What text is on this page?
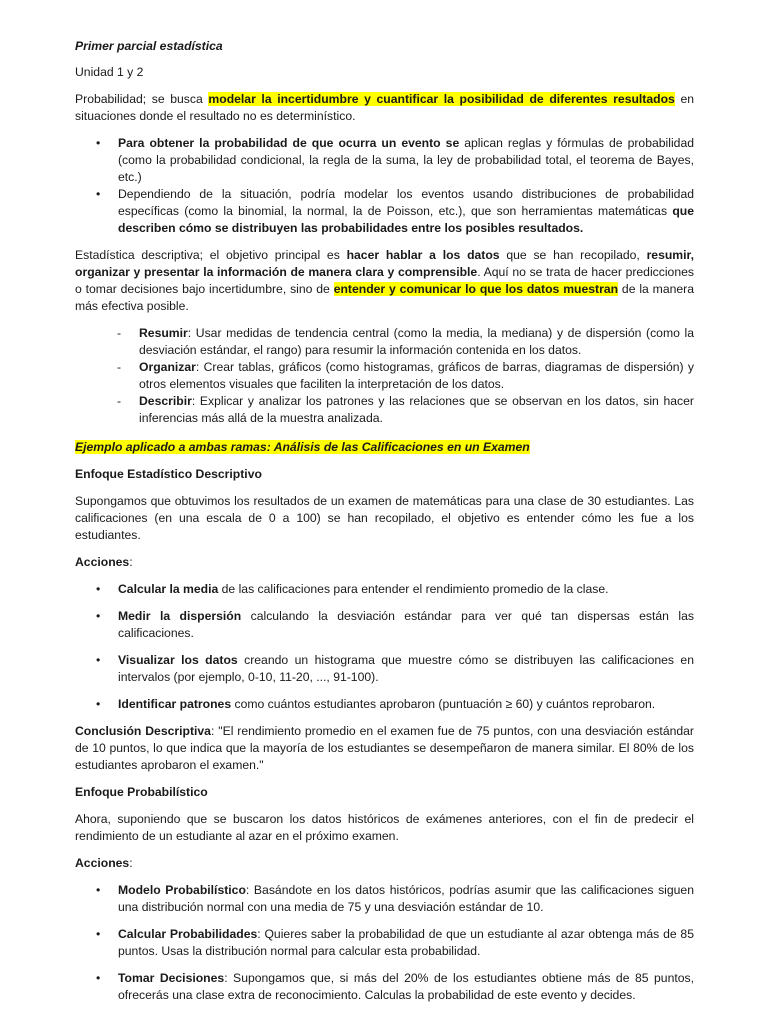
Primer parcial estadística

Unidad 1 y 2

Probabilidad; se busca modelar la incertidumbre y cuantificar la posibilidad de diferentes resultados en situaciones donde el resultado no es determinístico.

• Para obtener la probabilidad de que ocurra un evento se aplican reglas y fórmulas de probabilidad (como la probabilidad condicional, la regla de la suma, la ley de probabilidad total, el teorema de Bayes, etc.)
• Dependiendo de la situación, podría modelar los eventos usando distribuciones de probabilidad específicas (como la binomial, la normal, la de Poisson, etc.), que son herramientas matemáticas que describen cómo se distribuyen las probabilidades entre los posibles resultados.

Estadística descriptiva; el objetivo principal es hacer hablar a los datos que se han recopilado, resumir, organizar y presentar la información de manera clara y comprensible. Aquí no se trata de hacer predicciones o tomar decisiones bajo incertidumbre, sino de entender y comunicar lo que los datos muestran de la manera más efectiva posible.

- Resumir: Usar medidas de tendencia central (como la media, la mediana) y de dispersión (como la desviación estándar, el rango) para resumir la información contenida en los datos.
- Organizar: Crear tablas, gráficos (como histogramas, gráficos de barras, diagramas de dispersión) y otros elementos visuales que faciliten la interpretación de los datos.
- Describir: Explicar y analizar los patrones y las relaciones que se observan en los datos, sin hacer inferencias más allá de la muestra analizada.

Ejemplo aplicado a ambas ramas: Análisis de las Calificaciones en un Examen

Enfoque Estadístico Descriptivo

Supongamos que obtuvimos los resultados de un examen de matemáticas para una clase de 30 estudiantes. Las calificaciones (en una escala de 0 a 100) se han recopilado, el objetivo es entender cómo les fue a los estudiantes.

Acciones:

• Calcular la media de las calificaciones para entender el rendimiento promedio de la clase.
• Medir la dispersión calculando la desviación estándar para ver qué tan dispersas están las calificaciones.
• Visualizar los datos creando un histograma que muestre cómo se distribuyen las calificaciones en intervalos (por ejemplo, 0-10, 11-20, ..., 91-100).
• Identificar patrones como cuántos estudiantes aprobaron (puntuación ≥ 60) y cuántos reprobaron.

Conclusión Descriptiva: "El rendimiento promedio en el examen fue de 75 puntos, con una desviación estándar de 10 puntos, lo que indica que la mayoría de los estudiantes se desempeñaron de manera similar. El 80% de los estudiantes aprobaron el examen."

Enfoque Probabilístico

Ahora, suponiendo que se buscaron los datos históricos de exámenes anteriores, con el fin de predecir el rendimiento de un estudiante al azar en el próximo examen.

Acciones:

• Modelo Probabilístico: Basándote en los datos históricos, podrías asumir que las calificaciones siguen una distribución normal con una media de 75 y una desviación estándar de 10.
• Calcular Probabilidades: Quieres saber la probabilidad de que un estudiante al azar obtenga más de 85 puntos. Usas la distribución normal para calcular esta probabilidad.
• Tomar Decisiones: Supongamos que, si más del 20% de los estudiantes obtiene más de 85 puntos, ofrecerás una clase extra de reconocimiento. Calculas la probabilidad de este evento y decides.
